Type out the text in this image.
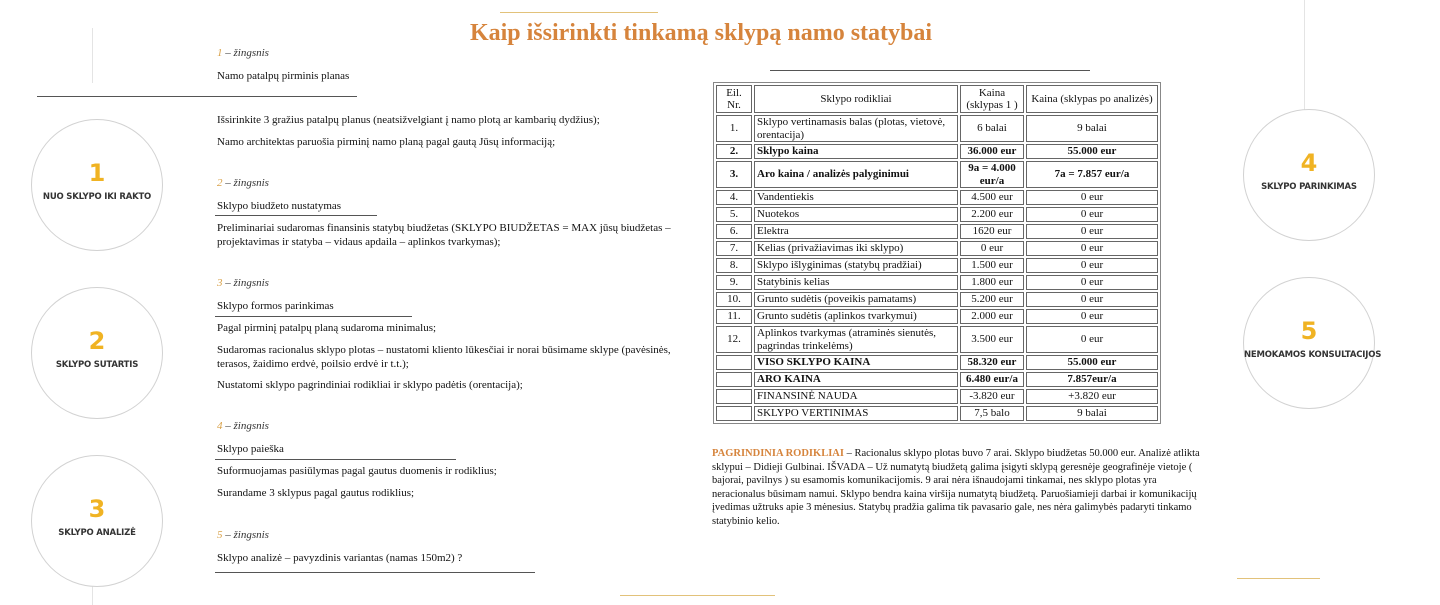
Kaip išsirinkti tinkamą sklypą namo statybai
1
NUO SKLYPO IKI RAKTO
2
SKLYPO SUTARTIS
3
SKLYPO ANALIZĖ
4
SKLYPO PARINKIMAS
5
NEMOKAMOS KONSULTACIJOS
1 – žingsnis
Namo patalpų pirminis planas
Išsirinkite 3 gražius patalpų planus (neatsižvelgiant į namo plotą ar kambarių dydžius);
Namo architektas paruošia pirminį namo planą pagal gautą Jūsų informaciją;
2 – žingsnis
Sklypo biudžeto nustatymas
Preliminariai sudaromas finansinis statybų biudžetas (SKLYPO BIUDŽETAS = MAX jūsų biudžetas – projektavimas ir statyba – vidaus apdaila – aplinkos tvarkymas);
3 – žingsnis
Sklypo formos parinkimas
Pagal pirminį patalpų planą sudaroma minimalus;
Sudaromas racionalus sklypo plotas – nustatomi kliento lūkesčiai ir norai būsimame sklype (pavėsinės, terasos, žaidimo erdvė, poilsio erdvė ir t.t.);
Nustatomi sklypo pagrindiniai rodikliai ir sklypo padėtis (orentacija);
4 – žingsnis
Sklypo paieška
Suformuojamas pasiūlymas pagal gautus duomenis ir rodiklius;
Surandame 3 sklypus pagal gautus rodiklius;
5 – žingsnis
Sklypo analizė – pavyzdinis variantas (namas 150m2) ?
Eil. Nr.	Sklypo rodikliai	Kaina (sklypas 1 )	Kaina (sklypas po analizės)
1.	Sklypo vertinamasis balas (plotas, vietovė, orentacija)	6 balai	9 balai
2.	Sklypo kaina	36.000 eur	55.000 eur
3.	Aro kaina / analizės palyginimui	9a = 4.000 eur/a	7a = 7.857 eur/a
4.	Vandentiekis	4.500 eur	0 eur
5.	Nuotekos	2.200 eur	0 eur
6.	Elektra	1620 eur	0 eur
7.	Kelias (privažiavimas iki sklypo)	0 eur	0 eur
8.	Sklypo išlyginimas (statybų pradžiai)	1.500 eur	0 eur
9.	Statybinis kelias	1.800 eur	0 eur
10.	Grunto sudėtis (poveikis pamatams)	5.200 eur	0 eur
11.	Grunto sudėtis (aplinkos tvarkymui)	2.000 eur	0 eur
12.	Aplinkos tvarkymas (atraminės sienutės, pagrindas trinkelėms)	3.500 eur	0 eur
	VISO SKLYPO KAINA	58.320 eur	55.000 eur
	ARO KAINA	6.480 eur/a	7.857eur/a
	FINANSINĖ NAUDA	-3.820 eur	+3.820 eur
	SKLYPO VERTINIMAS	7,5 balo	9 balai
PAGRINDINIA RODIKLIAI – Racionalus sklypo plotas buvo 7 arai. Sklypo biudžetas 50.000 eur. Analizė atlikta sklypui – Didieji Gulbinai. IŠVADA – Už numatytą biudžetą galima įsigyti sklypą geresnėje geografinėje vietoje ( bajorai, pavilnys ) su esamomis komunikacijomis. 9 arai nėra išnaudojami tinkamai, nes sklypo plotas yra neracionalus būsimam namui. Sklypo bendra kaina viršija numatytą biudžetą. Paruošiamieji darbai ir komunikacijų įvedimas užtruks apie 3 mėnesius. Statybų pradžia galima tik pavasario gale, nes nėra galimybės padaryti tinkamo statybinio kelio.
